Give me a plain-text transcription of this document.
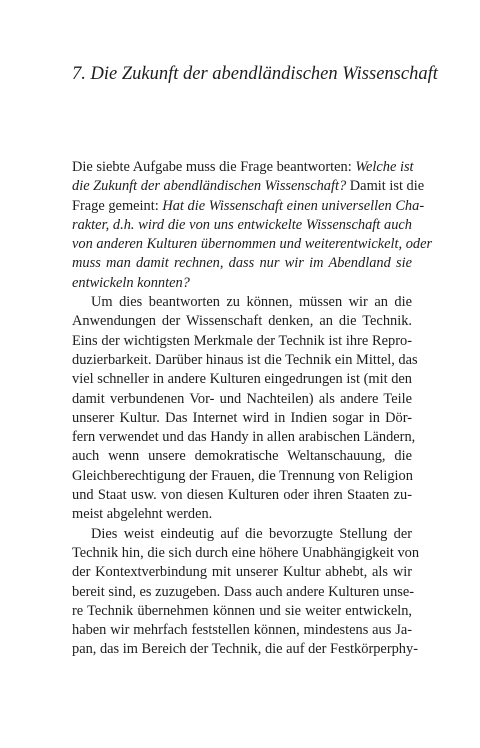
7. Die Zukunft der abendländischen Wissenschaft
Die siebte Aufgabe muss die Frage beantworten: Welche ist
die Zukunft der abendländischen Wissenschaft? Damit ist die
Frage gemeint: Hat die Wissenschaft einen universellen Cha-
rakter, d.h. wird die von uns entwickelte Wissenschaft auch
von anderen Kulturen übernommen und weiterentwickelt, oder
muss man damit rechnen, dass nur wir im Abendland sie
entwickeln konnten?
Um dies beantworten zu können, müssen wir an die
Anwendungen der Wissenschaft denken, an die Technik.
Eins der wichtigsten Merkmale der Technik ist ihre Repro-
duzierbarkeit. Darüber hinaus ist die Technik ein Mittel, das
viel schneller in andere Kulturen eingedrungen ist (mit den
damit verbundenen Vor- und Nachteilen) als andere Teile
unserer Kultur. Das Internet wird in Indien sogar in Dör-
fern verwendet und das Handy in allen arabischen Ländern,
auch wenn unsere demokratische Weltanschauung, die
Gleichberechtigung der Frauen, die Trennung von Religion
und Staat usw. von diesen Kulturen oder ihren Staaten zu-
meist abgelehnt werden.
Dies weist eindeutig auf die bevorzugte Stellung der
Technik hin, die sich durch eine höhere Unabhängigkeit von
der Kontextverbindung mit unserer Kultur abhebt, als wir
bereit sind, es zuzugeben. Dass auch andere Kulturen unse-
re Technik übernehmen können und sie weiter entwickeln,
haben wir mehrfach feststellen können, mindestens aus Ja-
pan, das im Bereich der Technik, die auf der Festkörperphy-
